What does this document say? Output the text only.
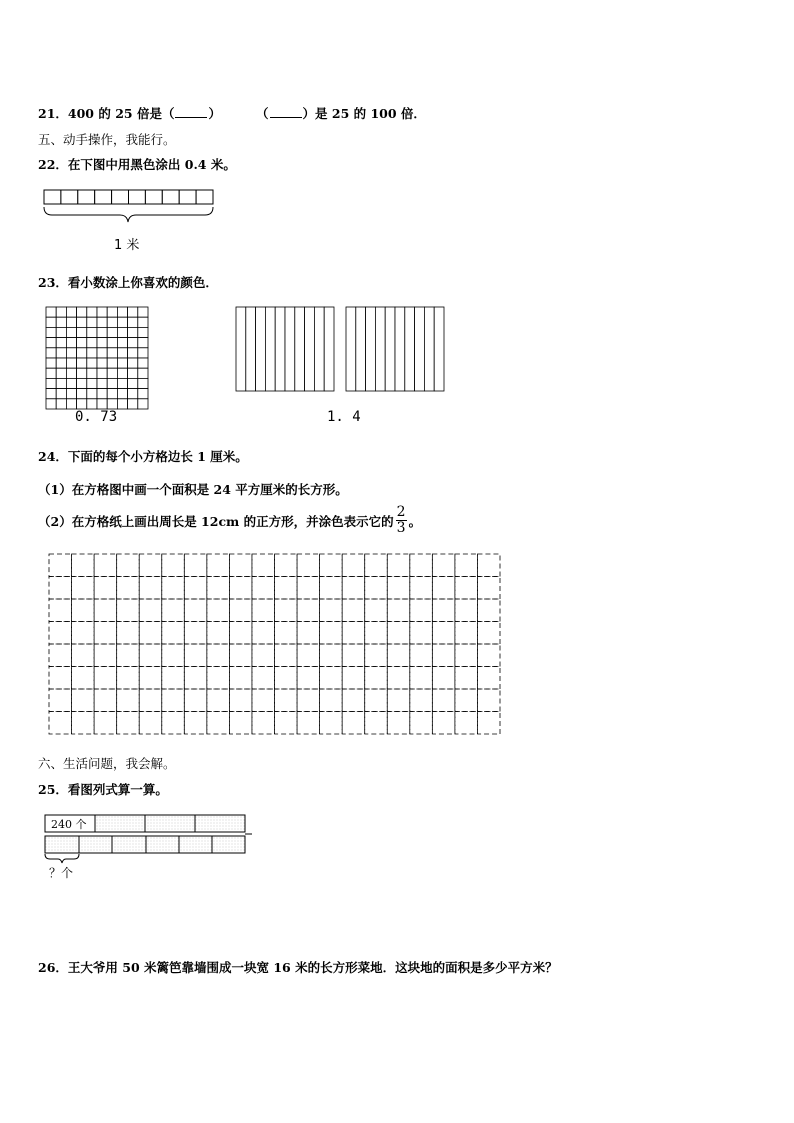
21．400 的 25 倍是（	）	（	）是 25 的 100 倍．
五、动手操作，我能行。
22．在下图中用黑色涂出 0.4 米。
1 米
23．看小数涂上你喜欢的颜色．
0. 73	1. 4
24．下面的每个小方格边长 1 厘米。
（1）在方格图中画一个面积是 24 平方厘米的长方形。
（2）在方格纸上画出周长是 12cm 的正方形，并涂色表示它的 $\frac{2}{3}$ 。
六、生活问题，我会解。
25．看图列式算一算。
240 个
？个
26．王大爷用 50 米篱笆靠墙围成一块宽 16 米的长方形菜地．这块地的面积是多少平方米？
